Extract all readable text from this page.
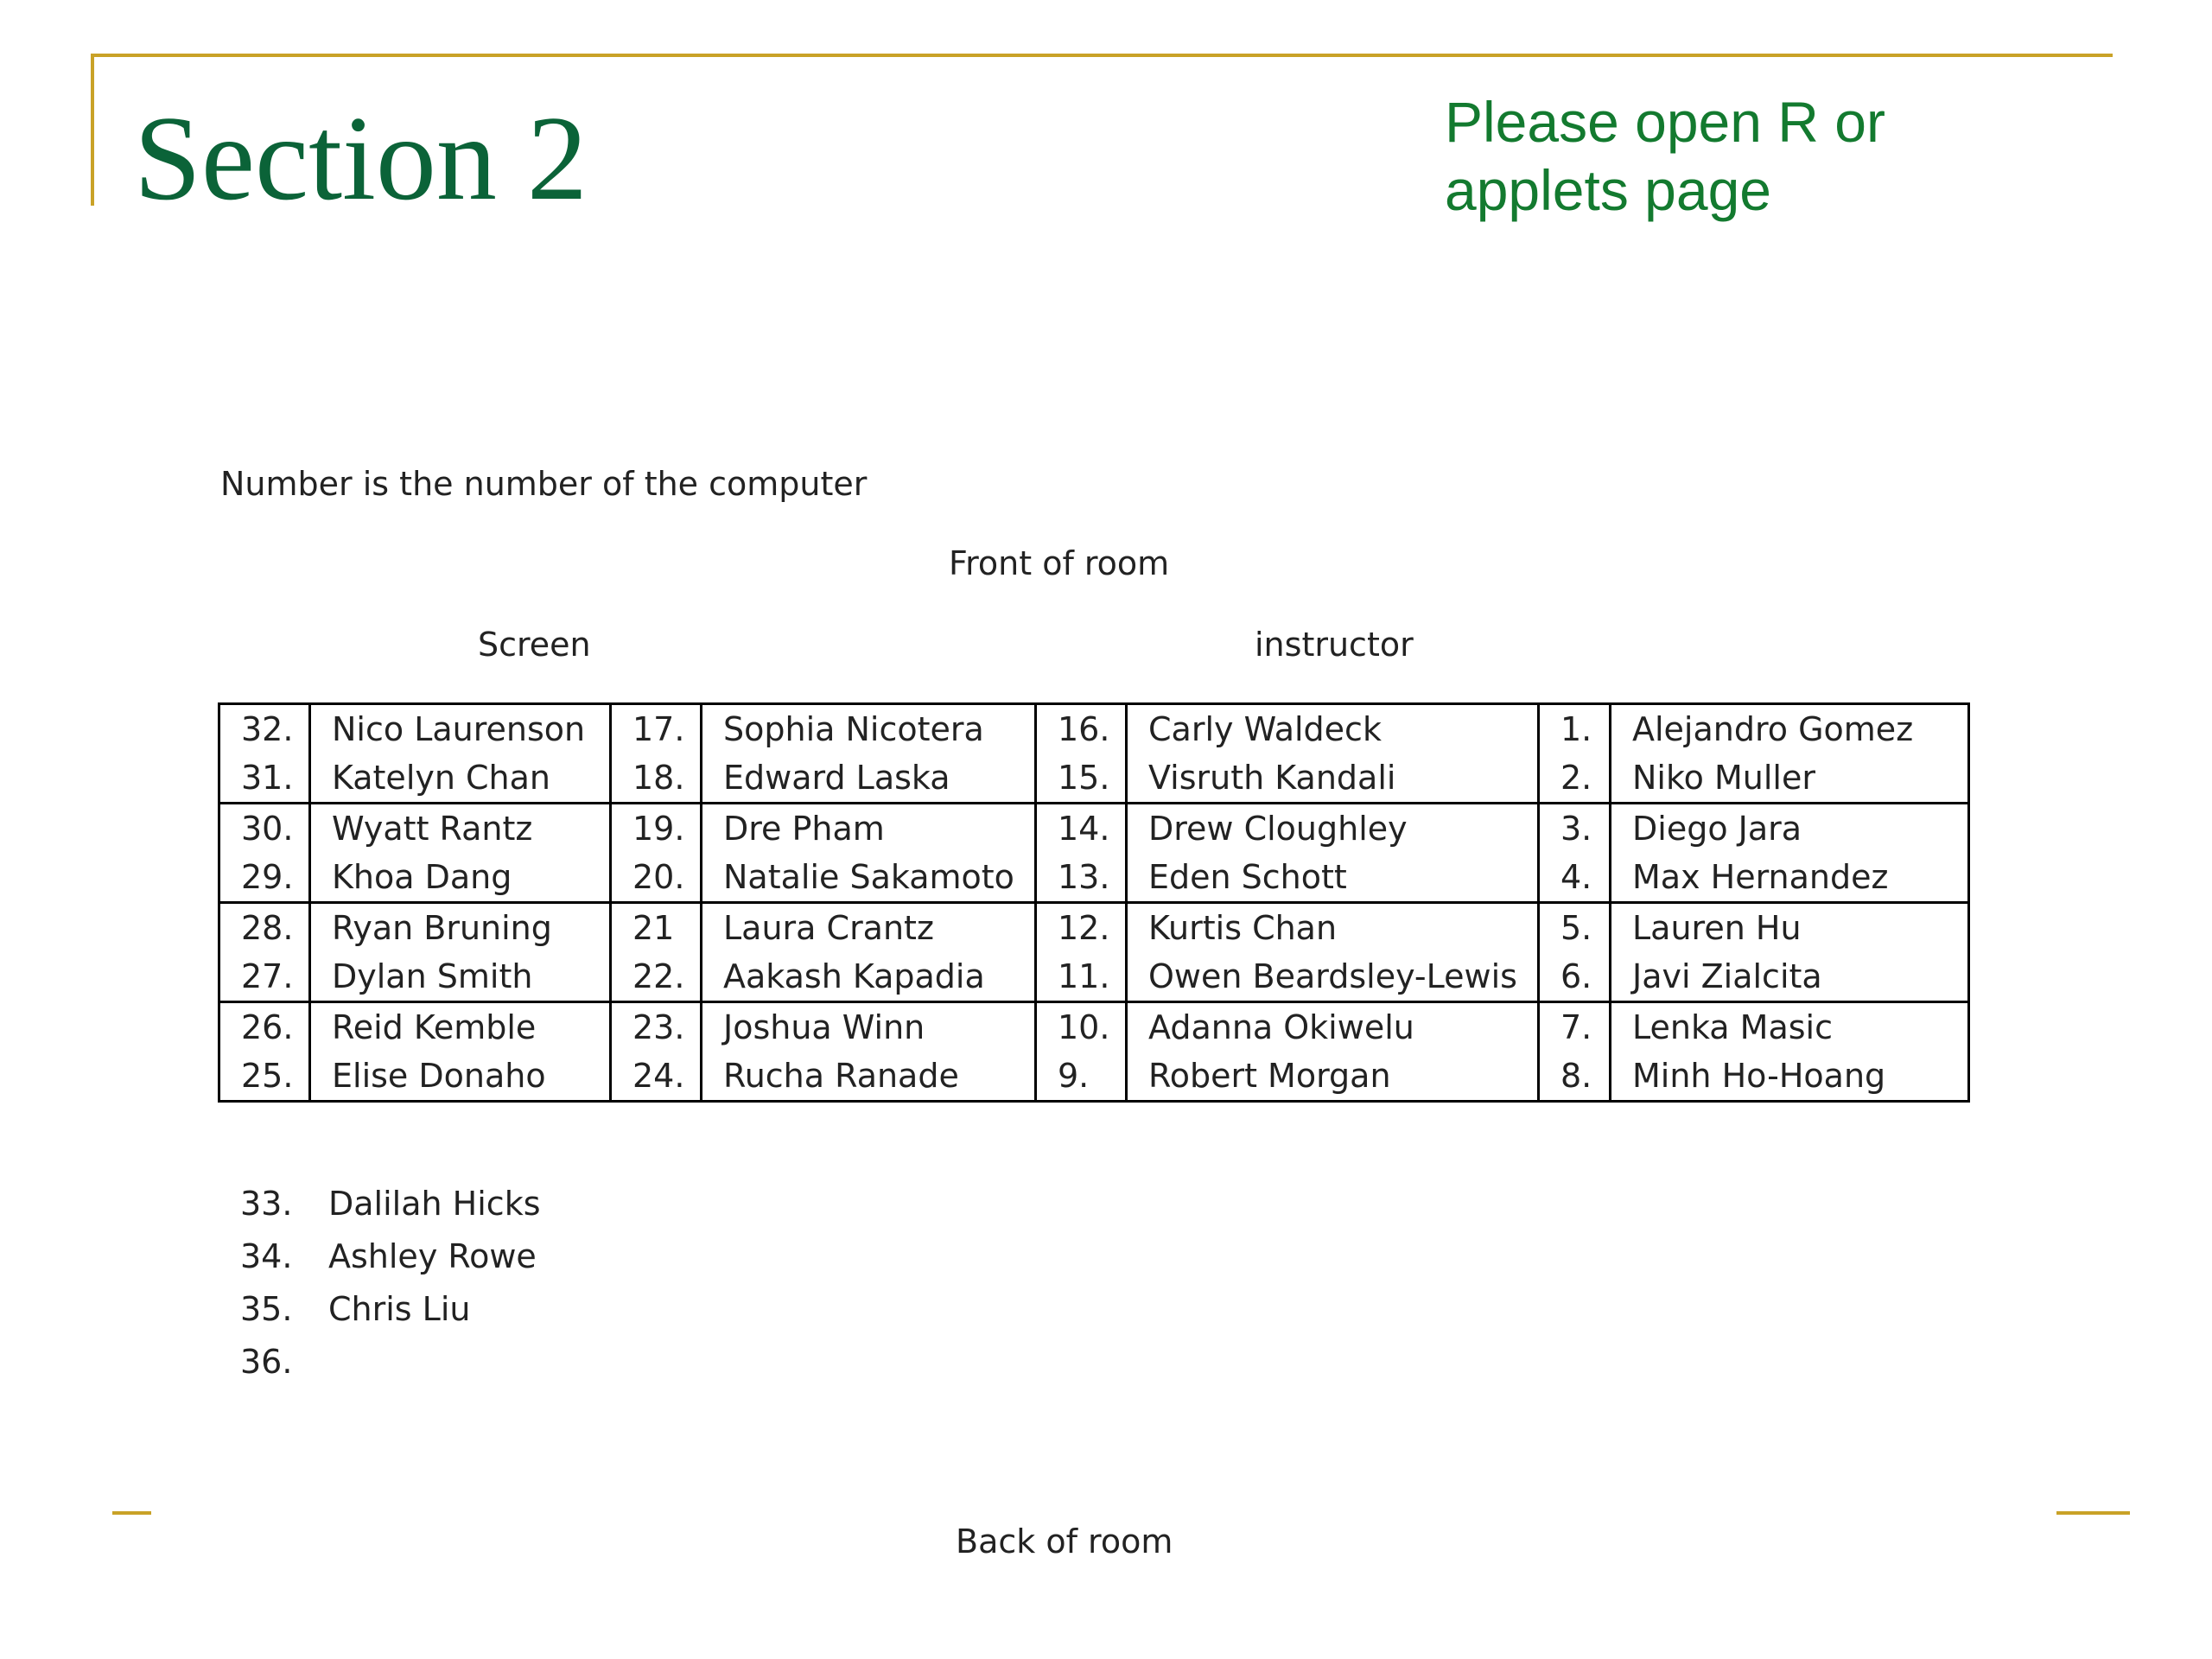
Section 2	Please open R or
applets page
Number is the number of the computer
Front of room
Screen	instructor
32.	Nico Laurenson	17.	Sophia Nicotera	16.	Carly Waldeck	1.	Alejandro Gomez
31.	Katelyn Chan	18.	Edward Laska	15.	Visruth Kandali	2.	Niko Muller
30.	Wyatt Rantz	19.	Dre Pham	14.	Drew Cloughley	3.	Diego Jara
29.	Khoa Dang	20.	Natalie Sakamoto	13.	Eden Schott	4.	Max Hernandez
28.	Ryan Bruning	21	Laura Crantz	12.	Kurtis Chan	5.	Lauren Hu
27.	Dylan Smith	22.	Aakash Kapadia	11.	Owen Beardsley-Lewis	6.	Javi Zialcita
26.	Reid Kemble	23.	Joshua Winn	10.	Adanna Okiwelu	7.	Lenka Masic
25.	Elise Donaho	24.	Rucha Ranade	9.	Robert Morgan	8.	Minh Ho-Hoang
33.	Dalilah Hicks
34.	Ashley Rowe
35.	Chris Liu
36.
Back of room
